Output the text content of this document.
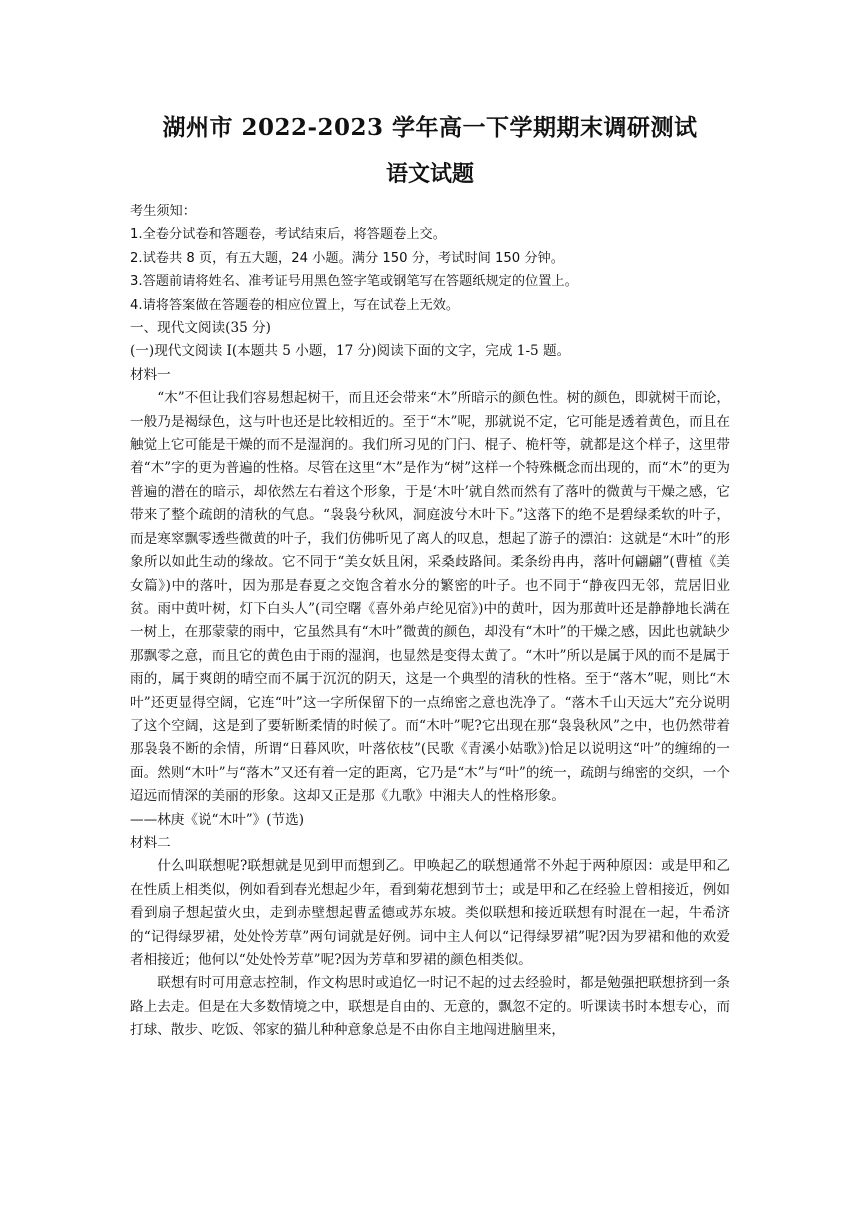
湖州市 2022-2023 学年高一下学期期末调研测试
语文试题

考生须知：

1.全卷分试卷和答题卷，考试结束后，将答题卷上交。

2.试卷共 8 页，有五大题，24 小题。满分 150 分，考试时间 150 分钟。

3.答题前请将姓名、准考证号用黑色签字笔或钢笔写在答题纸规定的位置上。

4.请将答案做在答题卷的相应位置上，写在试卷上无效。

一、现代文阅读(35 分)

(一)现代文阅读 I(本题共 5 小题，17 分)阅读下面的文字，完成 1-5 题。

材料一

“木”不但让我们容易想起树干，而且还会带来“木”所暗示的颜色性。树的颜色，即就树干而论，一般乃是褐绿色，这与叶也还是比较相近的。至于“木”呢，那就说不定，它可能是透着黄色，而且在触觉上它可能是干燥的而不是湿润的。我们所习见的门闩、棍子、桅杆等，就都是这个样子，这里带着“木”字的更为普遍的性格。尽管在这里“木”是作为“树”这样一个特殊概念而出现的，而“木”的更为普遍的潜在的暗示，却依然左右着这个形象，于是‘木叶’就自然而然有了落叶的微黄与干燥之感，它带来了整个疏朗的清秋的气息。“袅袅兮秋风，洞庭波兮木叶下。”这落下的绝不是碧绿柔软的叶子，而是寒窣飘零透些微黄的叶子，我们仿佛听见了离人的叹息，想起了游子的漂泊：这就是“木叶”的形象所以如此生动的缘故。它不同于“美女妖且闲，采桑歧路间。柔条纷冉冉，落叶何翩翩”(曹植《美女篇》)中的落叶，因为那是春夏之交饱含着水分的繁密的叶子。也不同于“静夜四无邻，荒居旧业贫。雨中黄叶树，灯下白头人”(司空曙《喜外弟卢纶见宿》)中的黄叶，因为那黄叶还是静静地长满在一树上，在那蒙蒙的雨中，它虽然具有“木叶”微黄的颜色，却没有“木叶”的干燥之感，因此也就缺少那飘零之意，而且它的黄色由于雨的湿润，也显然是变得太黄了。“木叶”所以是属于风的而不是属于雨的，属于爽朗的晴空而不属于沉沉的阴天，这是一个典型的清秋的性格。至于“落木”呢，则比“木叶”还更显得空阔，它连“叶”这一字所保留下的一点绵密之意也洗净了。“落木千山天远大”充分说明了这个空阔，这是到了要斩断柔情的时候了。而“木叶”呢?它出现在那“袅袅秋风”之中，也仍然带着那袅袅不断的余情，所谓“日暮风吹，叶落依枝”(民歌《青溪小姑歌》)恰足以说明这“叶”的缠绵的一面。然则“木叶”与“落木”又还有着一定的距离，它乃是“木”与“叶”的统一，疏朗与绵密的交织，一个迢远而情深的美丽的形象。这却又正是那《九歌》中湘夫人的性格形象。

——林庚《说“木叶”》(节选)

材料二

什么叫联想呢?联想就是见到甲而想到乙。甲唤起乙的联想通常不外起于两种原因：或是甲和乙在性质上相类似，例如看到春光想起少年，看到菊花想到节士；或是甲和乙在经验上曾相接近，例如看到扇子想起萤火虫，走到赤壁想起曹孟德或苏东坡。类似联想和接近联想有时混在一起，牛希济的“记得绿罗裙，处处怜芳草”两句词就是好例。词中主人何以“记得绿罗裙”呢?因为罗裙和他的欢爱者相接近；他何以“处处怜芳草”呢?因为芳草和罗裙的颜色相类似。

联想有时可用意志控制，作文构思时或追忆一时记不起的过去经验时，都是勉强把联想挤到一条路上去走。但是在大多数情境之中，联想是自由的、无意的，飘忽不定的。听课读书时本想专心，而打球、散步、吃饭、邻家的猫儿种种意象总是不由你自主地闯进脑里来，
